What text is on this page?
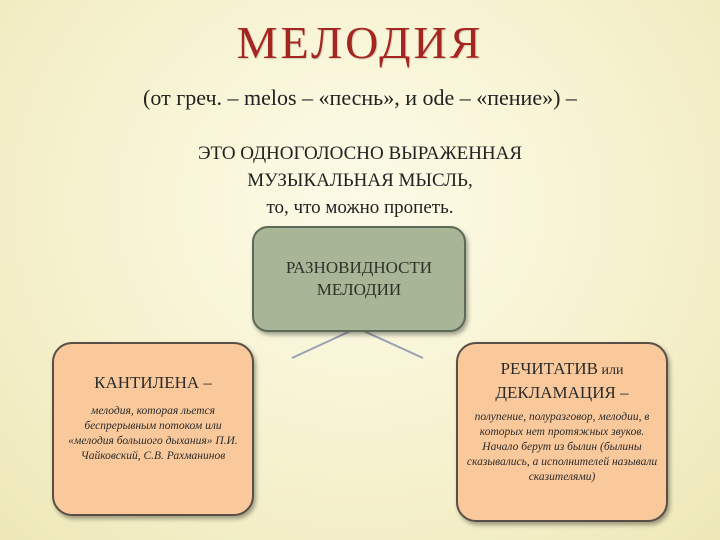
МЕЛОДИЯ
(от греч. – melos – «песнь», и ode – «пение») –
ЭТО ОДНОГОЛОСНО ВЫРАЖЕННАЯ
МУЗЫКАЛЬНАЯ МЫСЛЬ,
то, что можно пропеть.
РАЗНОВИДНОСТИ
МЕЛОДИИ
КАНТИЛЕНА –
мелодия, которая льется беспрерывным потоком или «мелодия большого дыхания» П.И. Чайковский, С.В. Рахманинов
РЕЧИТАТИВ или
ДЕКЛАМАЦИЯ –
полупение, полуразговор, мелодии, в которых нет протяжных звуков. Начало берут из былин (былины сказывались, а исполнителей называли сказителями)
